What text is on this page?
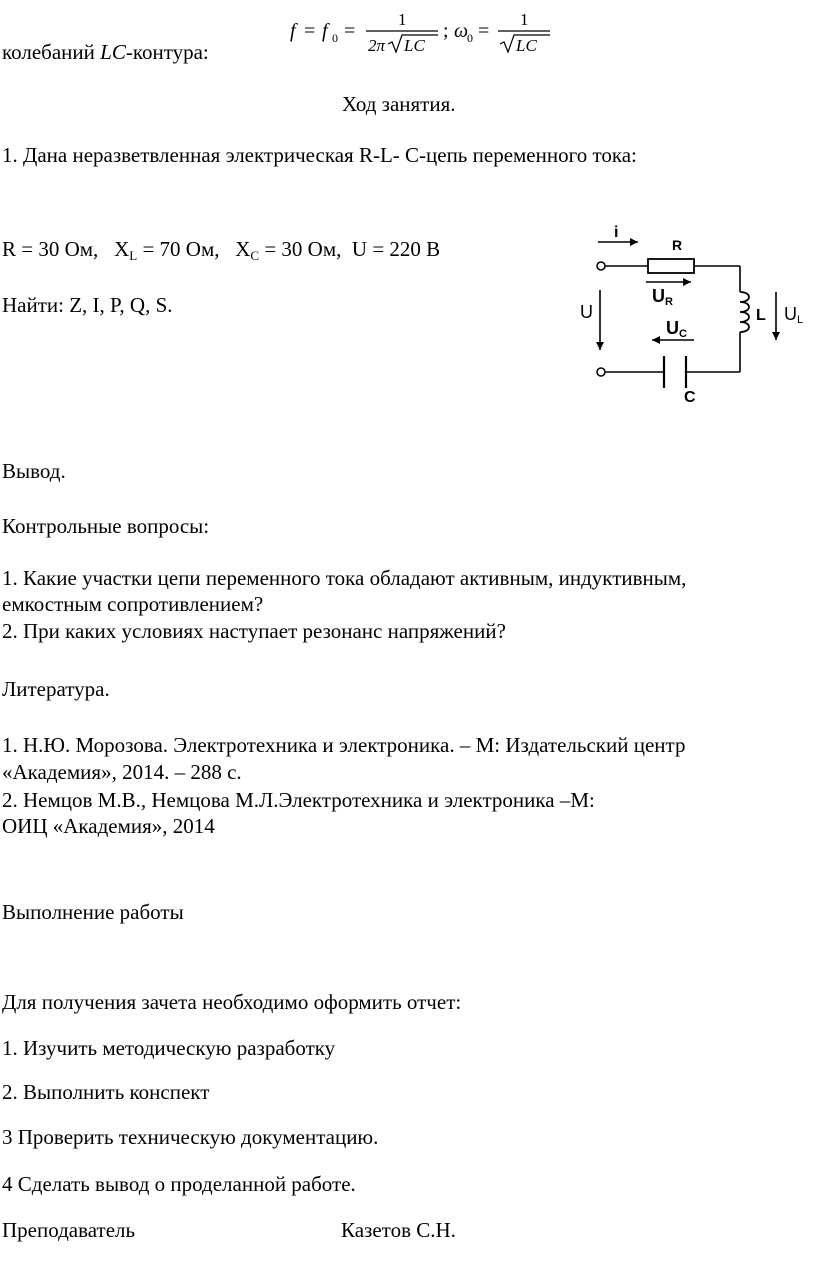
колебаний LC-контура:
f = f 0 =
1
2π LC
; ω
0 =
1
LC
Ход занятия.
1. Дана неразветвленная электрическая R-L- C-цепь переменного тока:
R = 30 Ом, $X_L = 70$ Ом, $X_C = 30$ Ом, U = 220 В
Найти: Z, I, P, Q, S.
i
R
UR
UC
U	L UL
C
Вывод.
Контрольные вопросы:
1. Какие участки цепи переменного тока обладают активным, индуктивным,
емкостным сопротивлением?
2. При каких условиях наступает резонанс напряжений?
Литература.
1. Н.Ю. Морозова. Электротехника и электроника. – М: Издательский центр
«Академия», 2014. – 288 с.
2. Немцов М.В., Немцова М.Л.Электротехника и электроника –М:
ОИЦ «Академия», 2014
Выполнение работы
Для получения зачета необходимо оформить отчет:
1. Изучить методическую разработку
2. Выполнить конспект
3 Проверить техническую документацию.
4 Сделать вывод о проделанной работе.
Преподаватель	Казетов С.Н.
